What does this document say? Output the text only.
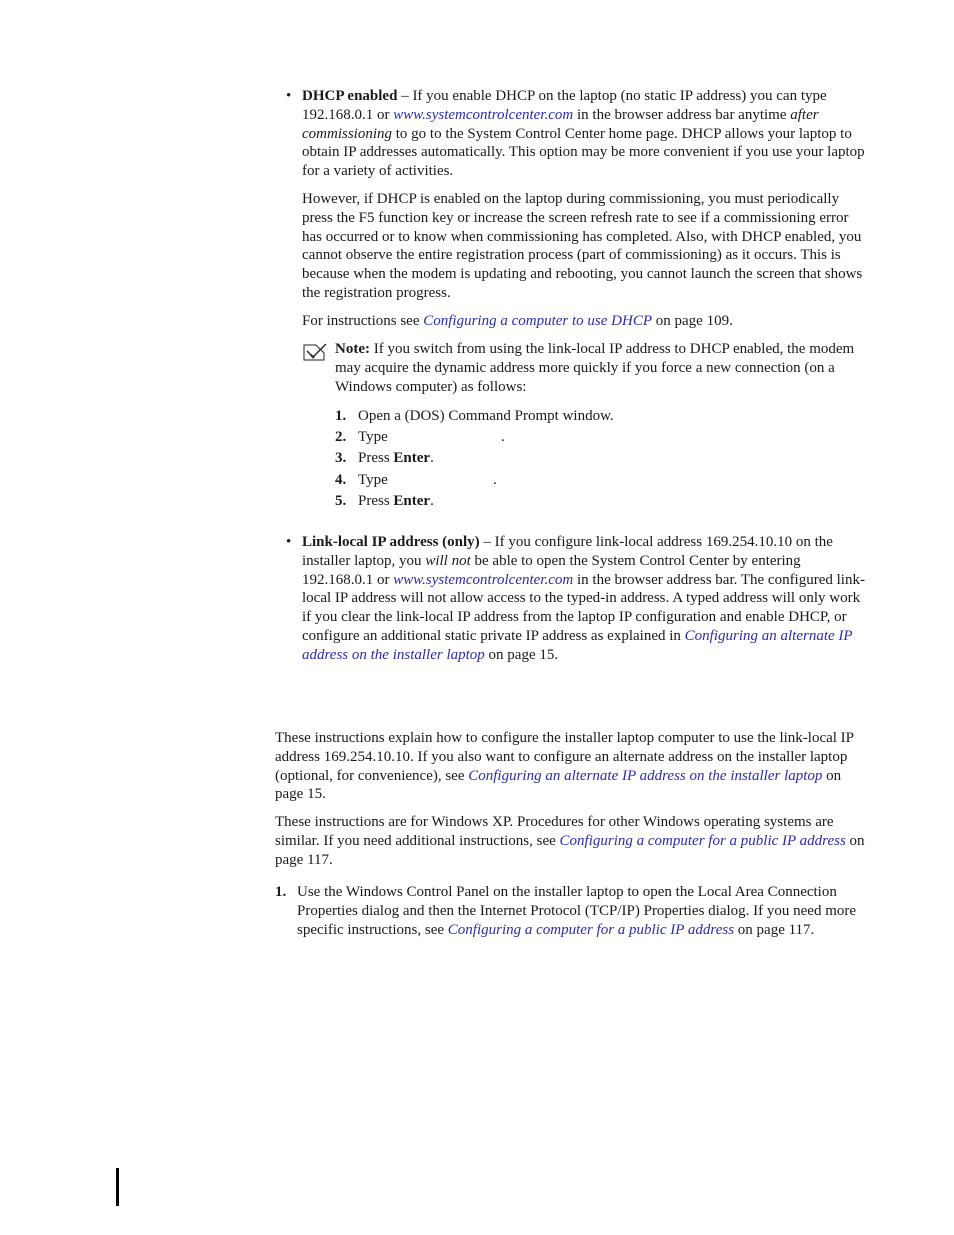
• DHCP enabled – If you enable DHCP on the laptop (no static IP address) you can type 192.168.0.1 or www.systemcontrolcenter.com in the browser address bar anytime after commissioning to go to the System Control Center home page. DHCP allows your laptop to obtain IP addresses automatically. This option may be more convenient if you use your laptop for a variety of activities.

However, if DHCP is enabled on the laptop during commissioning, you must periodically press the F5 function key or increase the screen refresh rate to see if a commissioning error has occurred or to know when commissioning has completed. Also, with DHCP enabled, you cannot observe the entire registration process (part of commissioning) as it occurs. This is because when the modem is updating and rebooting, you cannot launch the screen that shows the registration progress.

For instructions see Configuring a computer to use DHCP on page 109.

Note: If you switch from using the link-local IP address to DHCP enabled, the modem may acquire the dynamic address more quickly if you force a new connection (on a Windows computer) as follows:

1. Open a (DOS) Command Prompt window.
2. Type	.
3. Press Enter.
4. Type	.
5. Press Enter.
• Link-local IP address (only) – If you configure link-local address 169.254.10.10 on the installer laptop, you will not be able to open the System Control Center by entering 192.168.0.1 or www.systemcontrolcenter.com in the browser address bar. The configured link-local IP address will not allow access to the typed-in address. A typed address will only work if you clear the link-local IP address from the laptop IP configuration and enable DHCP, or configure an additional static private IP address as explained in Configuring an alternate IP address on the installer laptop on page 15.

These instructions explain how to configure the installer laptop computer to use the link-local IP address 169.254.10.10. If you also want to configure an alternate address on the installer laptop (optional, for convenience), see Configuring an alternate IP address on the installer laptop on page 15.

These instructions are for Windows XP. Procedures for other Windows operating systems are similar. If you need additional instructions, see Configuring a computer for a public IP address on page 117.

1. Use the Windows Control Panel on the installer laptop to open the Local Area Connection Properties dialog and then the Internet Protocol (TCP/IP) Properties dialog. If you need more specific instructions, see Configuring a computer for a public IP address on page 117.
